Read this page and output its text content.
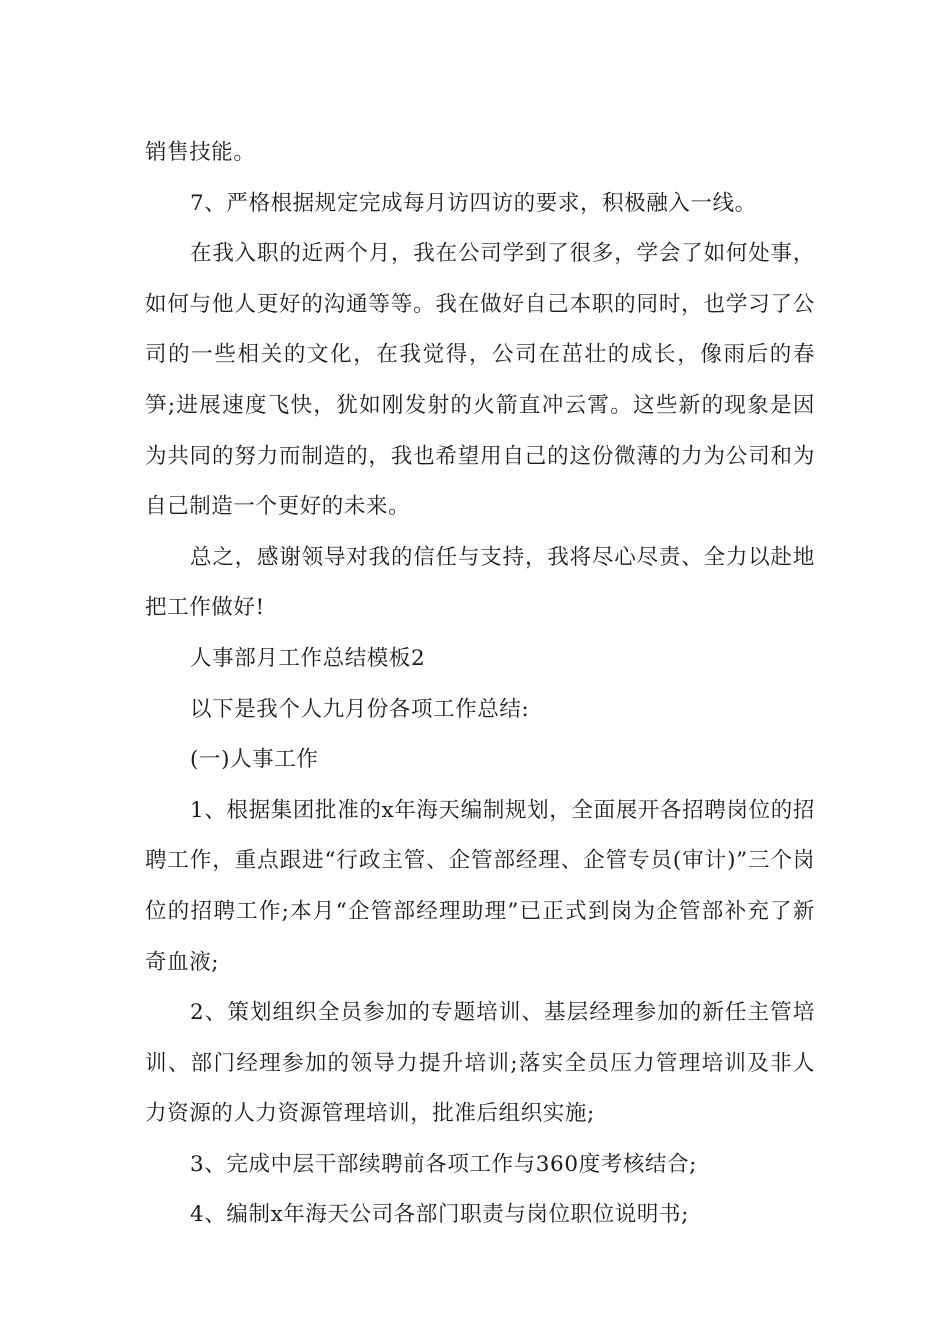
销售技能。

7、严格根据规定完成每月访四访的要求，积极融入一线。

在我入职的近两个月，我在公司学到了很多，学会了如何处事，如何与他人更好的沟通等等。我在做好自己本职的同时，也学习了公司的一些相关的文化，在我觉得，公司在茁壮的成长，像雨后的春笋;进展速度飞快，犹如刚发射的火箭直冲云霄。这些新的现象是因为共同的努力而制造的，我也希望用自己的这份微薄的力为公司和为自己制造一个更好的未来。

总之，感谢领导对我的信任与支持，我将尽心尽责、全力以赴地把工作做好!

人事部月工作总结模板2

以下是我个人九月份各项工作总结:

(一)人事工作

1、根据集团批准的x年海天编制规划，全面展开各招聘岗位的招聘工作，重点跟进“行政主管、企管部经理、企管专员(审计)”三个岗位的招聘工作;本月“企管部经理助理”已正式到岗为企管部补充了新奇血液;

2、策划组织全员参加的专题培训、基层经理参加的新任主管培训、部门经理参加的领导力提升培训;落实全员压力管理培训及非人力资源的人力资源管理培训，批准后组织实施;

3、完成中层干部续聘前各项工作与360度考核结合;

4、编制x年海天公司各部门职责与岗位职位说明书;
